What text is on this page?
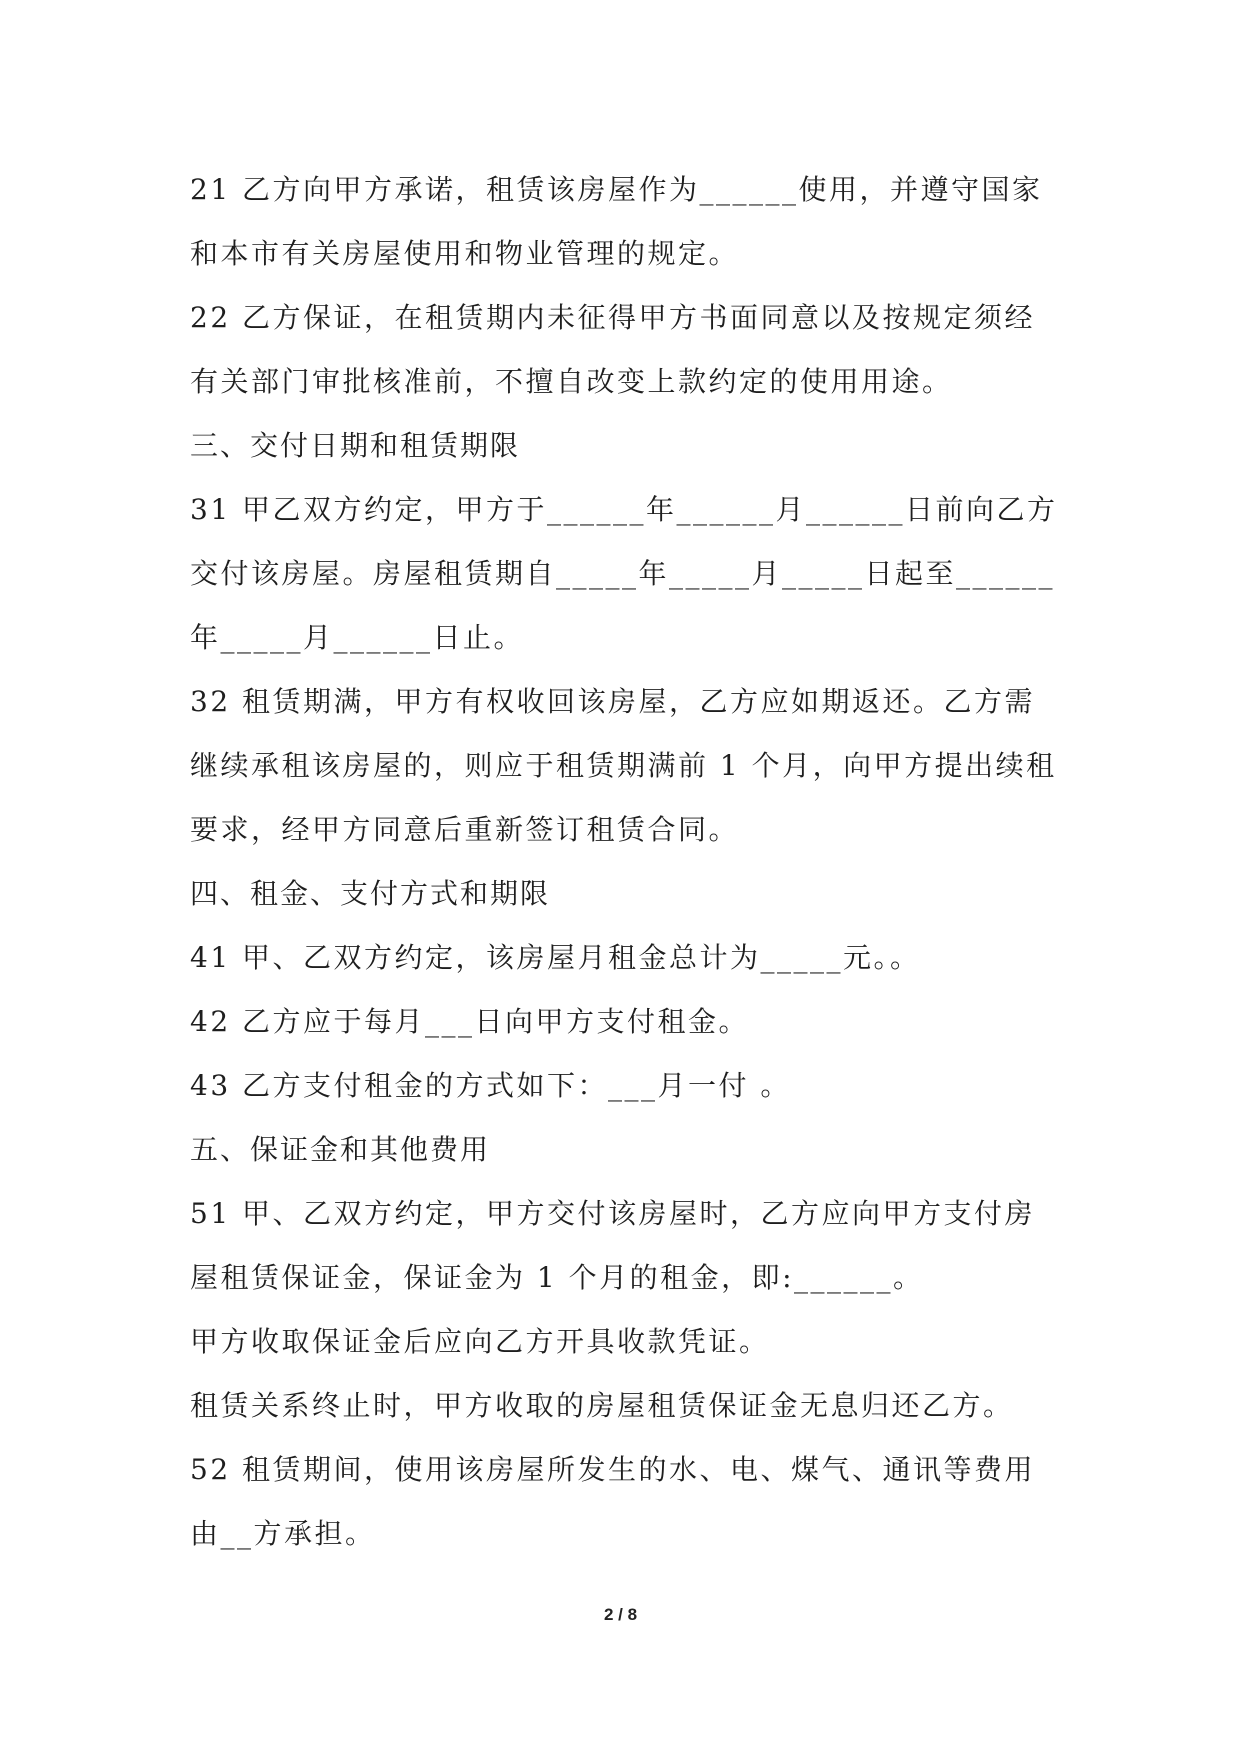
21 乙方向甲方承诺，租赁该房屋作为______使用，并遵守国家和本市有关房屋使用和物业管理的规定。

22 乙方保证，在租赁期内未征得甲方书面同意以及按规定须经有关部门审批核准前，不擅自改变上款约定的使用用途。

三、交付日期和租赁期限

31 甲乙双方约定，甲方于______年______月______日前向乙方交付该房屋。房屋租赁期自_____年_____月_____日起至______年_____月______日止。

32 租赁期满，甲方有权收回该房屋，乙方应如期返还。乙方需继续承租该房屋的，则应于租赁期满前 1 个月，向甲方提出续租要求，经甲方同意后重新签订租赁合同。

四、租金、支付方式和期限

41 甲、乙双方约定，该房屋月租金总计为_____元。。

42 乙方应于每月___日向甲方支付租金。

43 乙方支付租金的方式如下：___月一付 。

五、保证金和其他费用

51 甲、乙双方约定，甲方交付该房屋时，乙方应向甲方支付房屋租赁保证金，保证金为 1 个月的租金，即:______。

甲方收取保证金后应向乙方开具收款凭证。

租赁关系终止时，甲方收取的房屋租赁保证金无息归还乙方。

52 租赁期间，使用该房屋所发生的水、电、煤气、通讯等费用由__方承担。

2 / 8
